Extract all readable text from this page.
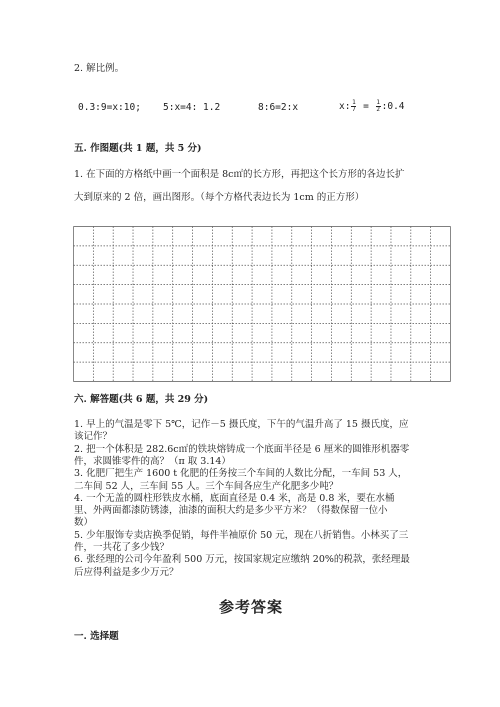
2. 解比例。
0.3:9=x:10; 5:x=4: 1.2	8:6=2:x	x: $\frac{1}{7} = \frac{1}{2}$ :0.4
五. 作图题(共 1 题，共 5 分)
1. 在下面的方格纸中画一个面积是 8c㎡的长方形，再把这个长方形的各边长扩
大到原来的 2 倍，画出图形。（每个方格代表边长为 1cm 的正方形）
六. 解答题(共 6 题，共 29 分)
1. 早上的气温是零下 5℃，记作－5 摄氏度，下午的气温升高了 15 摄氏度，应
该记作？
2. 把一个体积是 282.6c㎡的铁块熔铸成一个底面半径是 6 厘米的圆锥形机器零
件，求圆锥零件的高？（π 取 3.14）
3. 化肥厂把生产 1600 t 化肥的任务按三个车间的人数比分配，一车间 53 人，
二车间 52 人，三车间 55 人。三个车间各应生产化肥多少吨？
4. 一个无盖的圆柱形铁皮水桶，底面直径是 0.4 米，高是 0.8 米，要在水桶
里、外两面都漆防锈漆，油漆的面积大约是多少平方米？（得数保留一位小
数）
5. 少年服饰专卖店换季促销，每件半袖原价 50 元，现在八折销售。小林买了三
件，一共花了多少钱？
6. 张经理的公司今年盈利 500 万元，按国家规定应缴纳 20%的税款，张经理最
后应得利益是多少万元？
参考答案
一. 选择题
